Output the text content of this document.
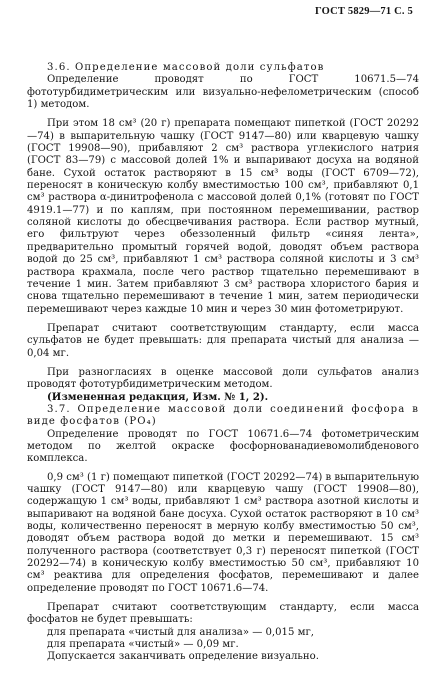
ГОСТ 5829—71 С. 5

3.6. Определение массовой доли сульфатов

Определение проводят по ГОСТ 10671.5—74 фототурбидиметрическим или визуально-нефелометрическим (способ 1) методом.

При этом 18 см³ (20 г) препарата помещают пипеткой (ГОСТ 20292—74) в выпарительную чашку (ГОСТ 9147—80) или кварцевую чашку (ГОСТ 19908—90), прибавляют 2 см³ раствора углекислого натрия (ГОСТ 83—79) с массовой долей 1% и выпаривают досуха на водяной бане. Сухой остаток растворяют в 15 см³ воды (ГОСТ 6709—72), переносят в коническую колбу вместимостью 100 см³, прибавляют 0,1 см³ раствора α-динитрофенола с массовой долей 0,1% (готовят по ГОСТ 4919.1—77) и по каплям, при постоянном перемешивании, раствор соляной кислоты до обесцвечивания раствора. Если раствор мутный, его фильтруют через обеззоленный фильтр «синяя лента», предварительно промытый горячей водой, доводят объем раствора водой до 25 см³, прибавляют 1 см³ раствора соляной кислоты и 3 см³ раствора крахмала, после чего раствор тщательно перемешивают в течение 1 мин. Затем прибавляют 3 см³ раствора хлористого бария и снова тщательно перемешивают в течение 1 мин, затем периодически перемешивают через каждые 10 мин и через 30 мин фотометрируют.

Препарат считают соответствующим стандарту, если масса сульфатов не будет превышать: для препарата чистый для анализа — 0,04 мг.

При разногласиях в оценке массовой доли сульфатов анализ проводят фототурбидиметрическим методом.

(Измененная редакция, Изм. № 1, 2).

3.7. Определение массовой доли соединений фосфора в виде фосфатов (PO₄)

Определение проводят по ГОСТ 10671.6—74 фотометрическим методом по желтой окраске фосфорнованадиевомолибденового комплекса.

0,9 см³ (1 г) помещают пипеткой (ГОСТ 20292—74) в выпарительную чашку (ГОСТ 9147—80) или кварцевую чашу (ГОСТ 19908—80), содержащую 1 см³ воды, прибавляют 1 см³ раствора азотной кислоты и выпаривают на водяной бане досуха. Сухой остаток растворяют в 10 см³ воды, количественно переносят в мерную колбу вместимостью 50 см³, доводят объем раствора водой до метки и перемешивают. 15 см³ полученного раствора (соответствует 0,3 г) переносят пипеткой (ГОСТ 20292—74) в коническую колбу вместимостью 50 см³, прибавляют 10 см³ реактива для определения фосфатов, перемешивают и далее определение проводят по ГОСТ 10671.6—74.

Препарат считают соответствующим стандарту, если масса фосфатов не будет превышать:

для препарата «чистый для анализа» — 0,015 мг,

для препарата «чистый» — 0,09 мг.

Допускается заканчивать определение визуально.
